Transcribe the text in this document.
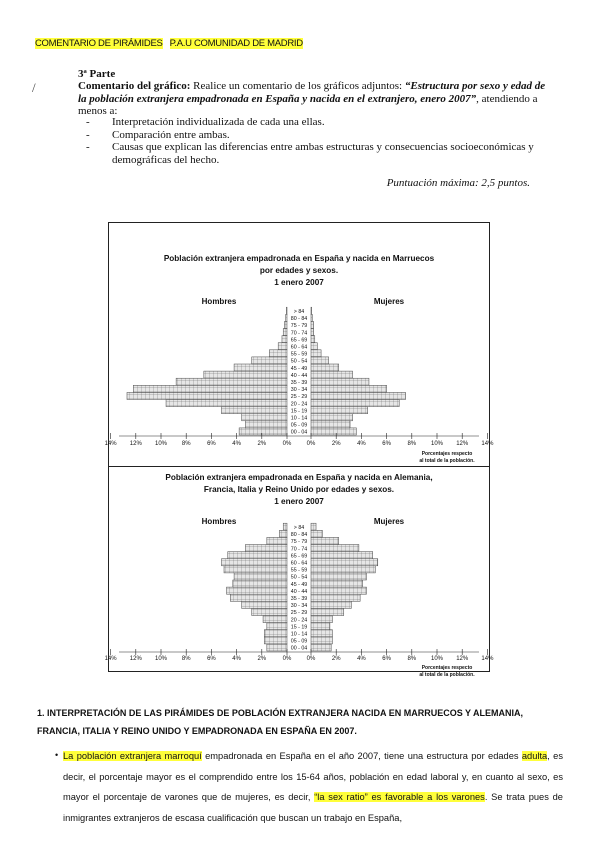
COMENTARIO DE PIRÁMIDES P.A.U COMUNIDAD DE MADRID
/
3ª Parte
Comentario del gráfico: Realice un comentario de los gráficos adjuntos: “Estructura por sexo y edad de la población extranjera empadronada en España y nacida en el extranjero, enero 2007”, atendiendo a menos a:
- Interpretación individualizada de cada una ellas.
- Comparación entre ambas.
- Causas que explican las diferencias entre ambas estructuras y consecuencias socioeconómicas y demográficas del hecho.
Puntuación máxima: 2,5 puntos.
Población extranjera empadronada en España y nacida en Marruecos
por edades y sexos.
1 enero 2007
Hombres	Mujeres
00 - 04
05 - 09
10 - 14
15 - 19
20 - 24
25 - 29
30 - 34
35 - 39
40 - 44
45 - 49
50 - 54
55 - 59
60 - 64
65 - 69
70 - 74
75 - 79
80 - 84
> 84
14% 12% 10% 8%	6%	4%	2%	0%	0%	2%	4%	6%	8% 10% 12% 14%
Porcentajes respecto
al total de la población.
Población extranjera empadronada en España y nacida en Alemania,
Francia, Italia y Reino Unido por edades y sexos.
1 enero 2007
Hombres	Mujeres
00 - 04
05 - 09
10 - 14
15 - 19
20 - 24
25 - 29
30 - 34
35 - 39
40 - 44
45 - 49
50 - 54
55 - 59
60 - 64
65 - 69
70 - 74
75 - 79
80 - 84
> 84
14% 12% 10% 8%	6%	4%	2%	0%	0%	2%	4%	6%	8% 10% 12% 14%
Porcentajes respecto
al total de la población.
1. INTERPRETACIÓN DE LAS PIRÁMIDES DE POBLACIÓN EXTRANJERA NACIDA EN MARRUECOS Y ALEMANIA, FRANCIA, ITALIA Y REINO UNIDO Y EMPADRONADA EN ESPAÑA EN 2007.
• La población extranjera marroquí empadronada en España en el año 2007, tiene una estructura por edades adulta, es decir, el porcentaje mayor es el comprendido entre los 15-64 años, población en edad laboral y, en cuanto al sexo, es mayor el porcentaje de varones que de mujeres, es decir, “la sex ratio” es favorable a los varones. Se trata pues de inmigrantes extranjeros de escasa cualificación que buscan un trabajo en España,
